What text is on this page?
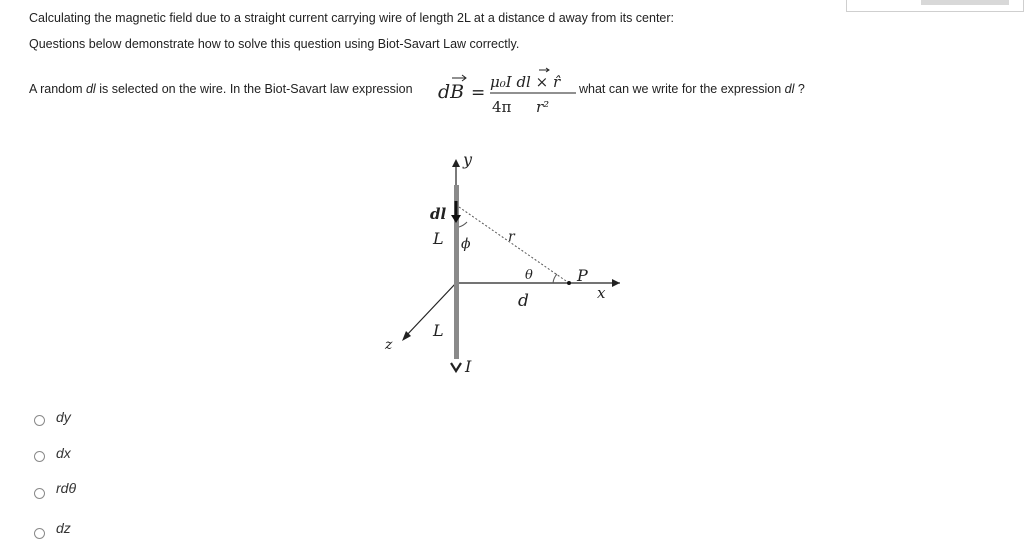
Calculating the magnetic field due to a straight current carrying wire of length 2L at a distance d away from its center:
Questions below demonstrate how to solve this question using Biot-Savart Law correctly.
A random dl is selected on the wire. In the Biot-Savart law expression dB =
μ₀I dl × r̂
4π r²
what can we write for the expression dl ?
y
dl
L ϕ	r
θ	P
x
d
L
z
I
dy
dx
rdθ
dz
